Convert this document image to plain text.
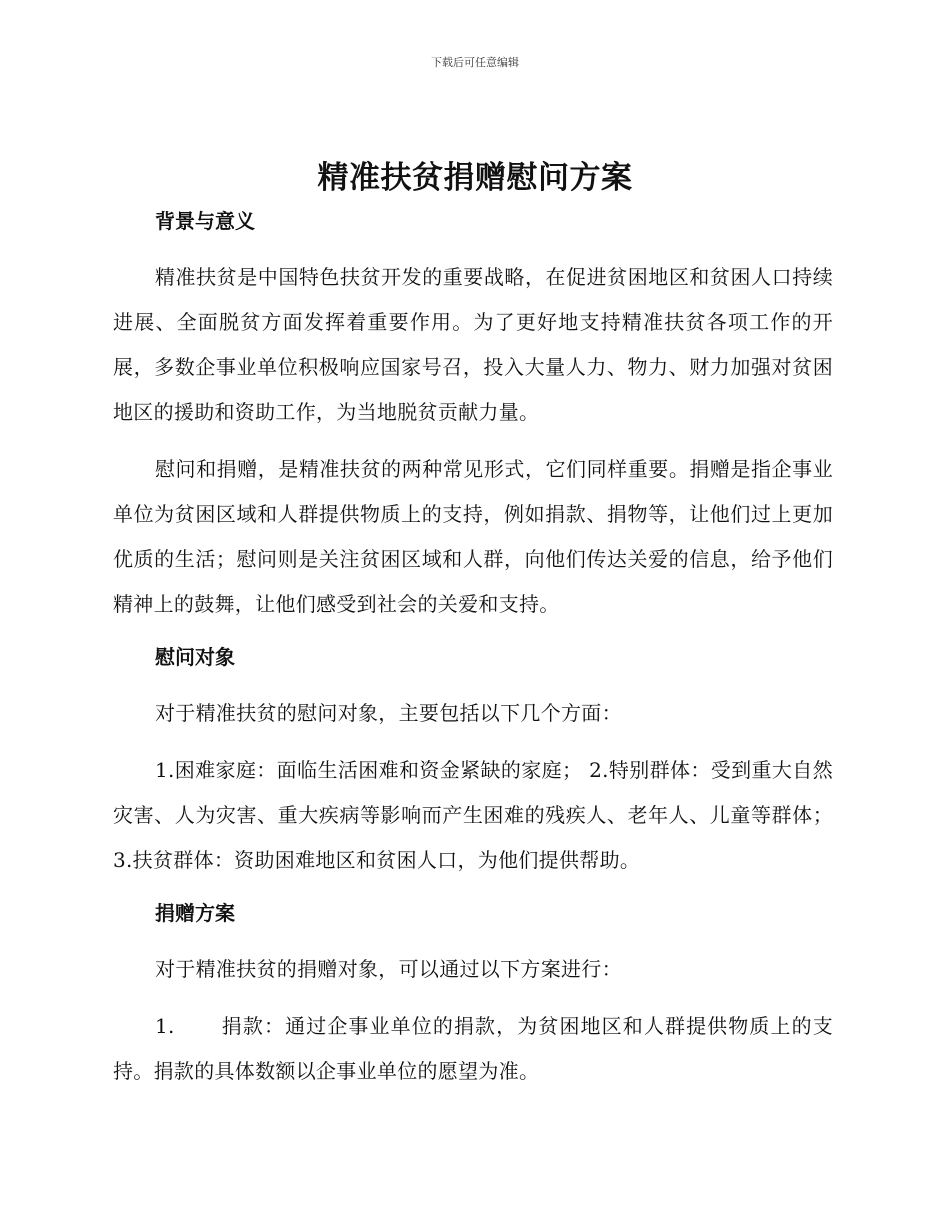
下载后可任意编辑
精准扶贫捐赠慰问方案
背景与意义

精准扶贫是中国特色扶贫开发的重要战略，在促进贫困地区和贫困人口持续进展、全面脱贫方面发挥着重要作用。为了更好地支持精准扶贫各项工作的开展，多数企事业单位积极响应国家号召，投入大量人力、物力、财力加强对贫困地区的援助和资助工作，为当地脱贫贡献力量。

慰问和捐赠，是精准扶贫的两种常见形式，它们同样重要。捐赠是指企事业单位为贫困区域和人群提供物质上的支持，例如捐款、捐物等，让他们过上更加优质的生活；慰问则是关注贫困区域和人群，向他们传达关爱的信息，给予他们精神上的鼓舞，让他们感受到社会的关爱和支持。

慰问对象

对于精准扶贫的慰问对象，主要包括以下几个方面：

1.困难家庭：面临生活困难和资金紧缺的家庭； 2.特别群体：受到重大自然灾害、人为灾害、重大疾病等影响而产生困难的残疾人、老年人、儿童等群体； 3.扶贫群体：资助困难地区和贫困人口，为他们提供帮助。

捐赠方案

对于精准扶贫的捐赠对象，可以通过以下方案进行：

1. 捐款：通过企事业单位的捐款，为贫困地区和人群提供物质上的支持。捐款的具体数额以企事业单位的愿望为准。
